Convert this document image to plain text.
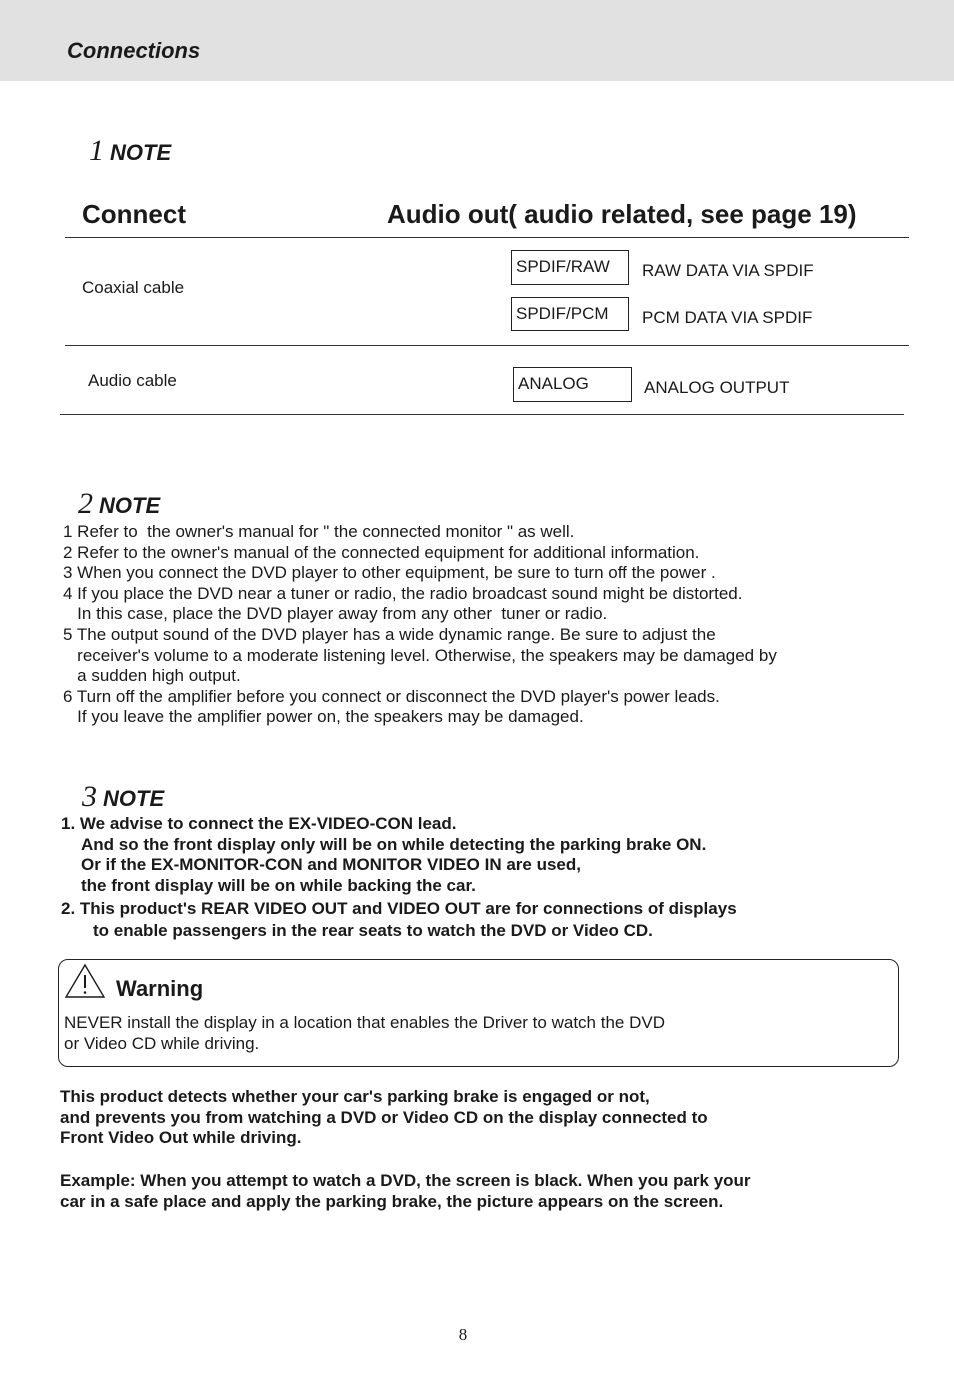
Connections
1 NOTE
Connect	Audio out( audio related, see page 19)
Coaxial cable
SPDIF/RAW	RAW DATA VIA SPDIF
SPDIF/PCM	PCM DATA VIA SPDIF
Audio cable	ANALOG	ANALOG OUTPUT
2 NOTE
1 Refer to  the owner's manual for " the connected monitor " as well.
2 Refer to the owner's manual of the connected equipment for additional information.
3 When you connect the DVD player to other equipment, be sure to turn off the power .
4 If you place the DVD near a tuner or radio, the radio broadcast sound might be distorted.
In this case, place the DVD player away from any other  tuner or radio.
5 The output sound of the DVD player has a wide dynamic range. Be sure to adjust the
receiver's volume to a moderate listening level. Otherwise, the speakers may be damaged by
a sudden high output.
6 Turn off the amplifier before you connect or disconnect the DVD player's power leads.
If you leave the amplifier power on, the speakers may be damaged.
3 NOTE
1. We advise to connect the EX-VIDEO-CON lead.
And so the front display only will be on while detecting the parking brake ON.
Or if the EX-MONITOR-CON and MONITOR VIDEO IN are used,
the front display will be on while backing the car.
2. This product's REAR VIDEO OUT and VIDEO OUT are for connections of displays
to enable passengers in the rear seats to watch the DVD or Video CD.
Warning
NEVER install the display in a location that enables the Driver to watch the DVD
or Video CD while driving.
This product detects whether your car's parking brake is engaged or not,
and prevents you from watching a DVD or Video CD on the display connected to
Front Video Out while driving.
Example: When you attempt to watch a DVD, the screen is black. When you park your
car in a safe place and apply the parking brake, the picture appears on the screen.
8
